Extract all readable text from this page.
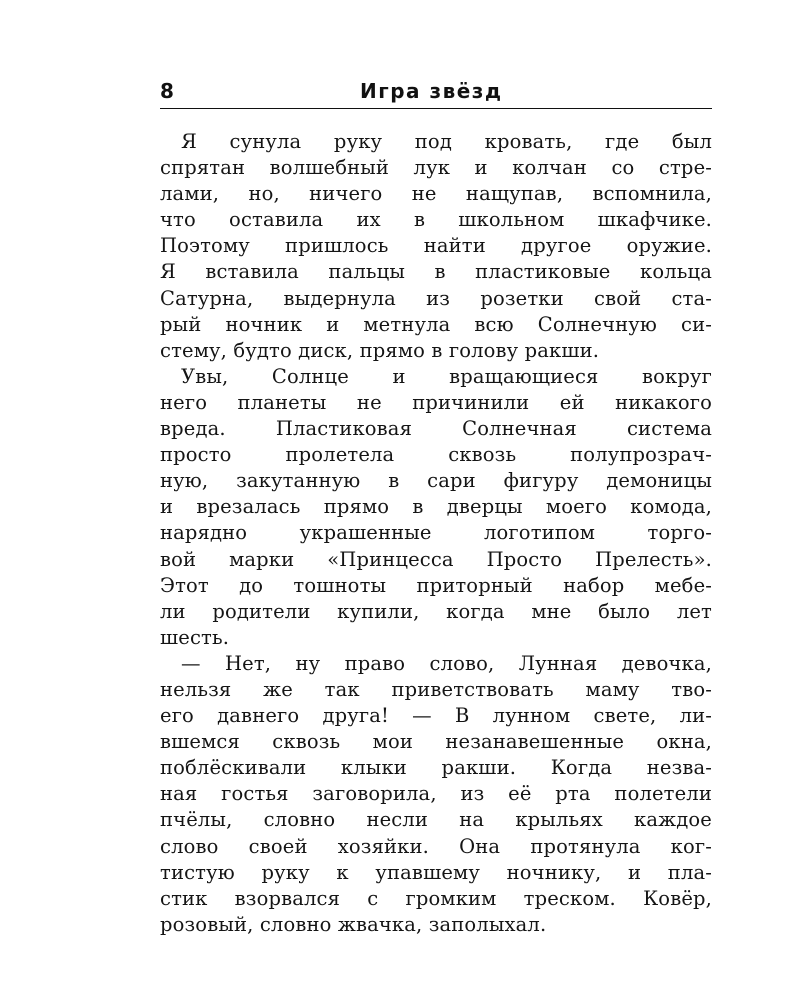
8	Игра звёзд
Я сунула руку под кровать, где был
спрятан волшебный лук и колчан со стре-
лами, но, ничего не нащупав, вспомнила,
что оставила их в школьном шкафчике.
Поэтому пришлось найти другое оружие.
Я вставила пальцы в пластиковые кольца
Сатурна, выдернула из розетки свой ста-
рый ночник и метнула всю Солнечную си-
стему, будто диск, прямо в голову ракши.
Увы, Солнце и вращающиеся вокруг
него планеты не причинили ей никакого
вреда. Пластиковая Солнечная система
просто пролетела сквозь полупрозрач-
ную, закутанную в сари фигуру демоницы
и врезалась прямо в дверцы моего комода,
нарядно украшенные логотипом торго-
вой марки «Принцесса Просто Прелесть».
Этот до тошноты приторный набор мебе-
ли родители купили, когда мне было лет
шесть.
— Нет, ну право слово, Лунная девочка,
нельзя же так приветствовать маму тво-
его давнего друга! — В лунном свете, ли-
вшемся сквозь мои незанавешенные окна,
поблёскивали клыки ракши. Когда незва-
ная гостья заговорила, из её рта полетели
пчёлы, словно несли на крыльях каждое
слово своей хозяйки. Она протянула ког-
тистую руку к упавшему ночнику, и пла-
стик взорвался с громким треском. Ковёр,
розовый, словно жвачка, заполыхал.
